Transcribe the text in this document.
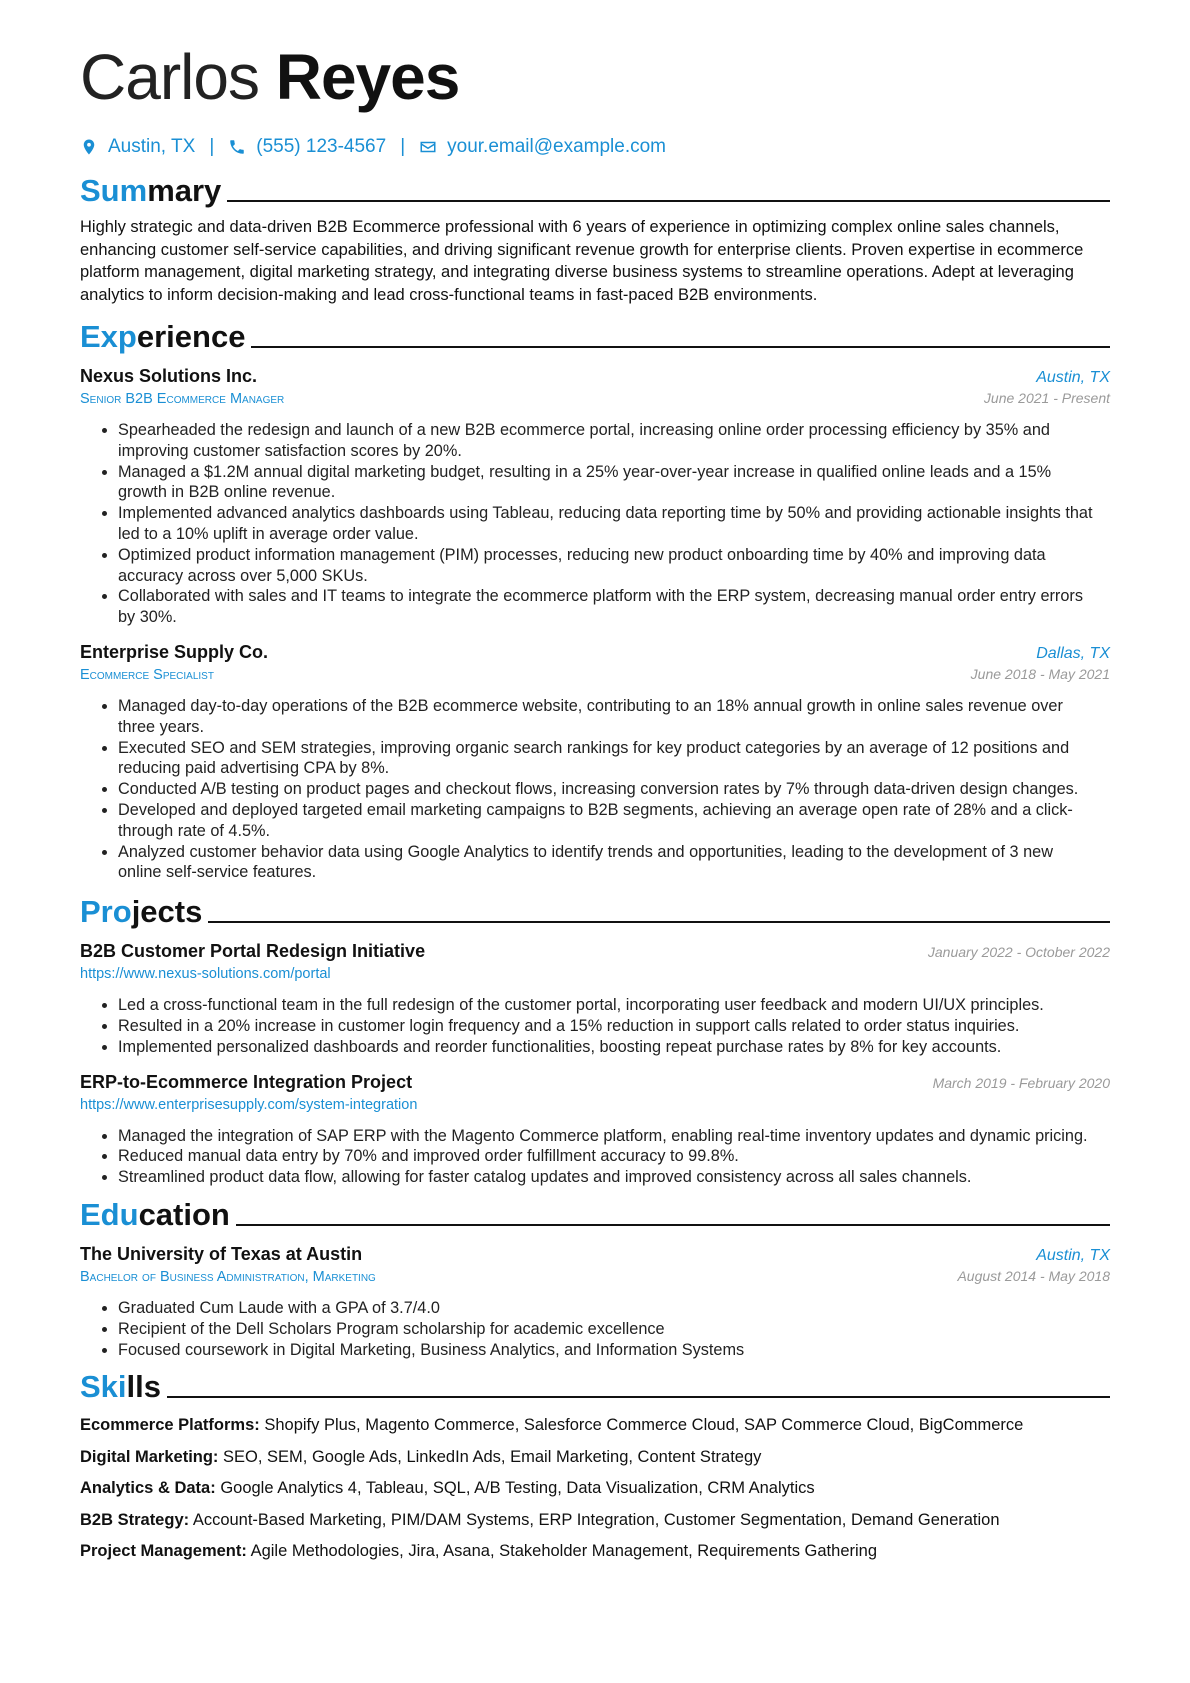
Carlos Reyes
Austin, TX | (555) 123-4567 | your.email@example.com
Summary

Highly strategic and data-driven B2B Ecommerce professional with 6 years of experience in optimizing complex online sales channels, enhancing customer self-service capabilities, and driving significant revenue growth for enterprise clients. Proven expertise in ecommerce platform management, digital marketing strategy, and integrating diverse business systems to streamline operations. Adept at leveraging analytics to inform decision-making and lead cross-functional teams in fast-paced B2B environments.

Experience
Nexus Solutions Inc.	Austin, TX
Senior B2B Ecommerce Manager	June 2021 - Present
• Spearheaded the redesign and launch of a new B2B ecommerce portal, increasing online order processing efficiency by 35% and improving customer satisfaction scores by 20%.
• Managed a $1.2M annual digital marketing budget, resulting in a 25% year-over-year increase in qualified online leads and a 15% growth in B2B online revenue.
• Implemented advanced analytics dashboards using Tableau, reducing data reporting time by 50% and providing actionable insights that led to a 10% uplift in average order value.
• Optimized product information management (PIM) processes, reducing new product onboarding time by 40% and improving data accuracy across over 5,000 SKUs.
• Collaborated with sales and IT teams to integrate the ecommerce platform with the ERP system, decreasing manual order entry errors by 30%.
Enterprise Supply Co.	Dallas, TX
Ecommerce Specialist	June 2018 - May 2021
• Managed day-to-day operations of the B2B ecommerce website, contributing to an 18% annual growth in online sales revenue over three years.
• Executed SEO and SEM strategies, improving organic search rankings for key product categories by an average of 12 positions and reducing paid advertising CPA by 8%.
• Conducted A/B testing on product pages and checkout flows, increasing conversion rates by 7% through data-driven design changes.
• Developed and deployed targeted email marketing campaigns to B2B segments, achieving an average open rate of 28% and a click-through rate of 4.5%.
• Analyzed customer behavior data using Google Analytics to identify trends and opportunities, leading to the development of 3 new online self-service features.
Projects
B2B Customer Portal Redesign Initiative	January 2022 - October 2022
https://www.nexus-solutions.com/portal
• Led a cross-functional team in the full redesign of the customer portal, incorporating user feedback and modern UI/UX principles.
• Resulted in a 20% increase in customer login frequency and a 15% reduction in support calls related to order status inquiries.
• Implemented personalized dashboards and reorder functionalities, boosting repeat purchase rates by 8% for key accounts.
ERP-to-Ecommerce Integration Project	March 2019 - February 2020
https://www.enterprisesupply.com/system-integration
• Managed the integration of SAP ERP with the Magento Commerce platform, enabling real-time inventory updates and dynamic pricing.
• Reduced manual data entry by 70% and improved order fulfillment accuracy to 99.8%.
• Streamlined product data flow, allowing for faster catalog updates and improved consistency across all sales channels.
Education
The University of Texas at Austin	Austin, TX
Bachelor of Business Administration, Marketing	August 2014 - May 2018
• Graduated Cum Laude with a GPA of 3.7/4.0
• Recipient of the Dell Scholars Program scholarship for academic excellence
• Focused coursework in Digital Marketing, Business Analytics, and Information Systems
Skills
Ecommerce Platforms: Shopify Plus, Magento Commerce, Salesforce Commerce Cloud, SAP Commerce Cloud, BigCommerce
Digital Marketing: SEO, SEM, Google Ads, LinkedIn Ads, Email Marketing, Content Strategy
Analytics & Data: Google Analytics 4, Tableau, SQL, A/B Testing, Data Visualization, CRM Analytics
B2B Strategy: Account-Based Marketing, PIM/DAM Systems, ERP Integration, Customer Segmentation, Demand Generation
Project Management: Agile Methodologies, Jira, Asana, Stakeholder Management, Requirements Gathering
